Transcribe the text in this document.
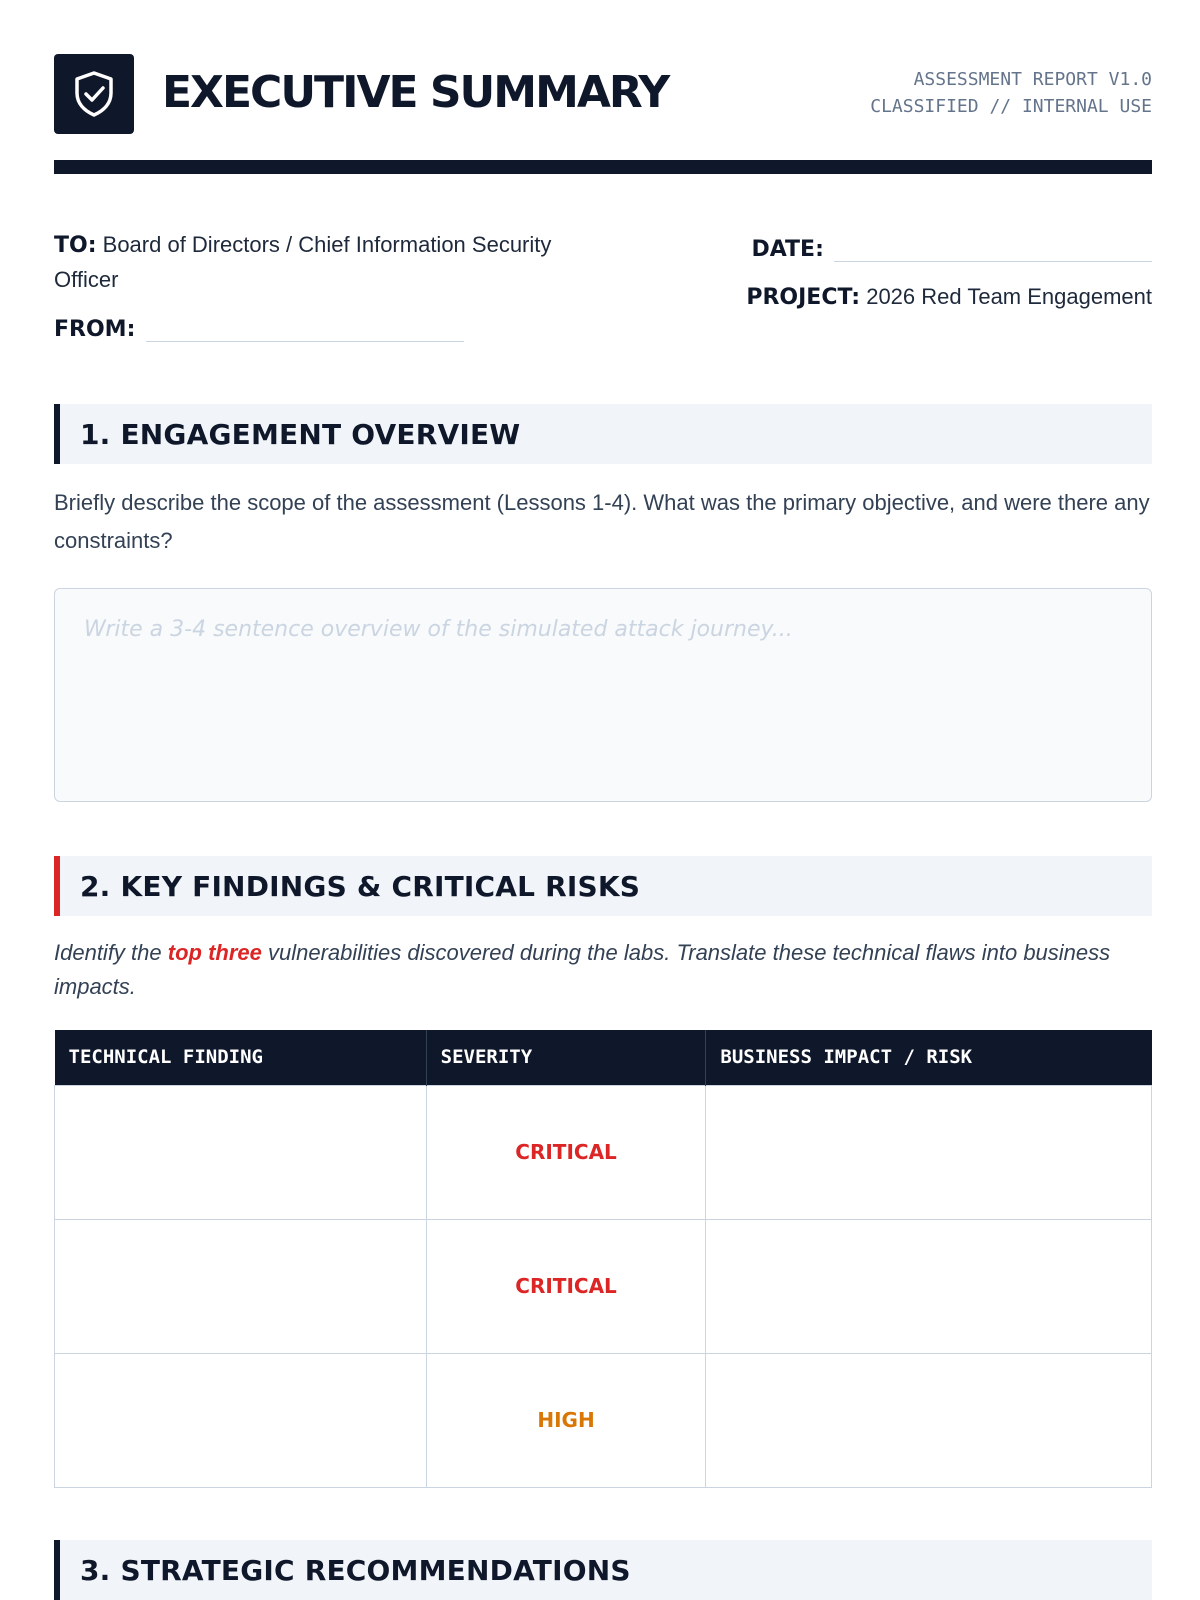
EXECUTIVE SUMMARY	ASSESSMENT REPORT V1.0
CLASSIFIED // INTERNAL USE
TO: Board of Directors / Chief Information Security Officer
FROM:
DATE:
PROJECT: 2026 Red Team Engagement
1. ENGAGEMENT OVERVIEW

Briefly describe the scope of the assessment (Lessons 1-4). What was the primary objective, and were there any constraints?

Write a 3-4 sentence overview of the simulated attack journey...
2. KEY FINDINGS & CRITICAL RISKS

Identify the top three vulnerabilities discovered during the labs. Translate these technical flaws into business impacts.

TECHNICAL FINDING	SEVERITY	BUSINESS IMPACT / RISK
	CRITICAL	
	CRITICAL	
	HIGH	
3. STRATEGIC RECOMMENDATIONS
